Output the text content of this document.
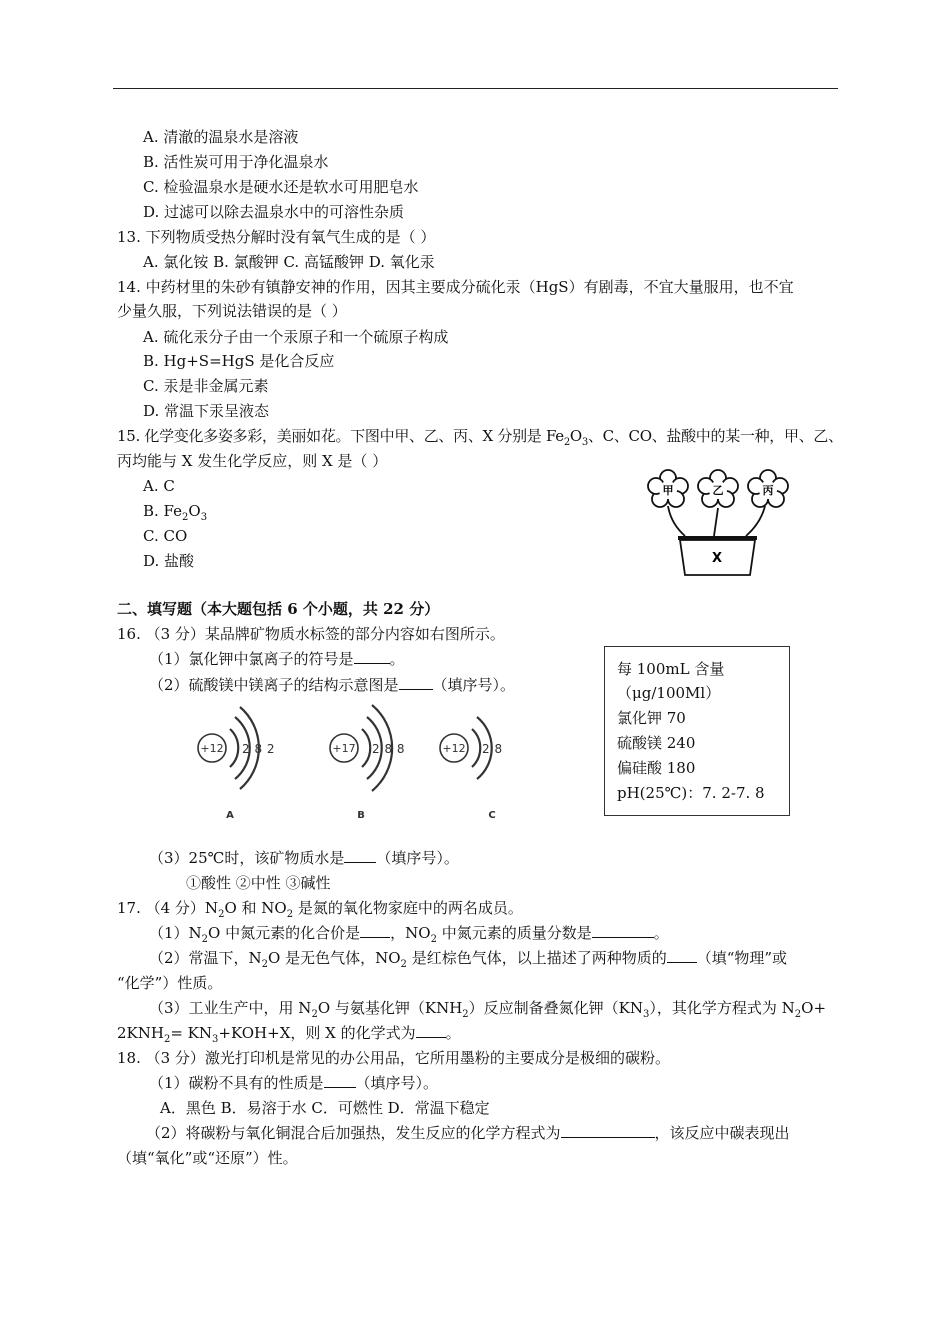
A. 清澈的温泉水是溶液
B. 活性炭可用于净化温泉水
C. 检验温泉水是硬水还是软水可用肥皂水
D. 过滤可以除去温泉水中的可溶性杂质
13. 下列物质受热分解时没有氧气生成的是（ ）
A. 氯化铵 B. 氯酸钾 C. 高锰酸钾 D. 氧化汞
14. 中药材里的朱砂有镇静安神的作用，因其主要成分硫化汞（HgS）有剧毒，不宜大量服用，也不宜
少量久服，下列说法错误的是（ ）
A. 硫化汞分子由一个汞原子和一个硫原子构成
B. Hg+S=HgS 是化合反应
C. 汞是非金属元素
D. 常温下汞呈液态
15. 化学变化多姿多彩，美丽如花。下图中甲、乙、丙、X 分别是 $Fe_2O_3$、C、CO、盐酸中的某一种，甲、乙、
丙均能与 X 发生化学反应，则 X 是（ ）
A. C
B. $Fe_2O_3$
C. CO
D. 盐酸
甲	乙	丙
X
二、填写题（本大题包括 6 个小题，共 22 分）
16. （3 分）某品牌矿物质水标签的部分内容如右图所示。
（1）氯化钾中氯离子的符号是 。
（2）硫酸镁中镁离子的结构示意图是 （填序号）。
+12 2 8 2
A
+17 2 8 8
B
+12 2 8
C
每 100mL 含量
（μg/100Ml）
氯化钾 70
硫酸镁 240
偏硅酸 180
pH(25℃)：7. 2-7. 8
（3）25℃时，该矿物质水是 （填序号）。
①酸性 ②中性 ③碱性
17. （4 分）$N_2O$ 和 $NO_2$ 是氮的氧化物家庭中的两名成员。
$(1)N_2O$ 中氮元素的化合价是 ，$NO_2$ 中氮元素的质量分数是	。
（2）常温下，$N_2O$ 是无色气体，$NO_2$ 是红棕色气体，以上描述了两种物质的 （填“物理”或
“化学”）性质。
（3）工业生产中，用 $N_2O$ 与氨基化钾$(KNH_2)$反应制备叠氮化钾$(KN_3)$，其化学方程式为 $N_2O+$
$2KNH_2= KN_3+KOH+X$，则 X 的化学式为 。
18. （3 分）激光打印机是常见的办公用品，它所用墨粉的主要成分是极细的碳粉。
（1）碳粉不具有的性质是 （填序号）。
A．黑色 B．易溶于水 C．可燃性 D．常温下稳定
（2）将碳粉与氧化铜混合后加强热，发生反应的化学方程式为	，该反应中碳表现出
（填“氧化”或“还原”）性。
